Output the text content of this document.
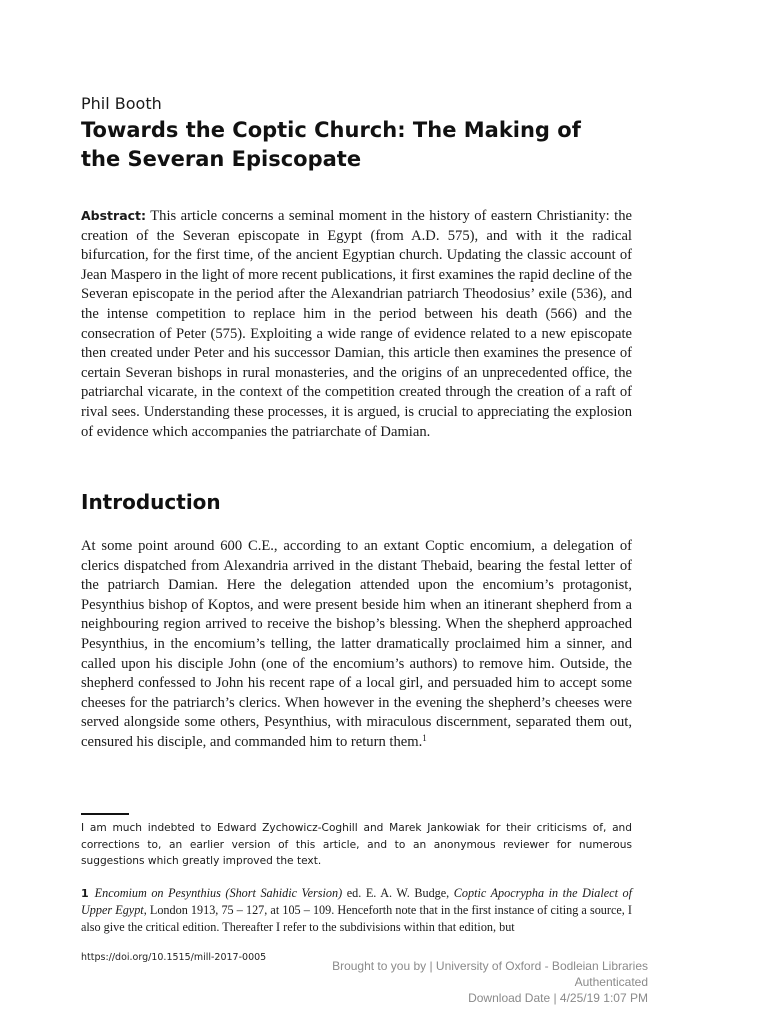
Phil Booth
Towards the Coptic Church: The Making of
the Severan Episcopate
Abstract: This article concerns a seminal moment in the history of eastern Christianity: the creation of the Severan episcopate in Egypt (from A.D. 575), and with it the radical bifurcation, for the first time, of the ancient Egyptian church. Updating the classic account of Jean Maspero in the light of more recent publications, it first examines the rapid decline of the Severan episcopate in the period after the Alexandrian patriarch Theodosius’ exile (536), and the intense competition to replace him in the period between his death (566) and the consecration of Peter (575). Exploiting a wide range of evidence related to a new episcopate then created under Peter and his successor Damian, this article then examines the presence of certain Severan bishops in rural monasteries, and the origins of an unprecedented office, the patriarchal vicarate, in the context of the competition created through the creation of a raft of rival sees. Understanding these processes, it is argued, is crucial to appreciating the explosion of evidence which accompanies the patriarchate of Damian.
Introduction
At some point around 600 C.E., according to an extant Coptic encomium, a delegation of clerics dispatched from Alexandria arrived in the distant Thebaid, bearing the festal letter of the patriarch Damian. Here the delegation attended upon the encomium’s protagonist, Pesynthius bishop of Koptos, and were present beside him when an itinerant shepherd from a neighbouring region arrived to receive the bishop’s blessing. When the shepherd approached Pesynthius, in the encomium’s telling, the latter dramatically proclaimed him a sinner, and called upon his disciple John (one of the encomium’s authors) to remove him. Outside, the shepherd confessed to John his recent rape of a local girl, and persuaded him to accept some cheeses for the patriarch’s clerics. When however in the evening the shepherd’s cheeses were served alongside some others, Pesynthius, with miraculous discernment, separated them out, censured his disciple, and commanded him to return them.$^1$
I am much indebted to Edward Zychowicz-Coghill and Marek Jankowiak for their criticisms of, and corrections to, an earlier version of this article, and to an anonymous reviewer for numerous suggestions which greatly improved the text.
1 Encomium on Pesynthius (Short Sahidic Version) ed. E. A. W. Budge, Coptic Apocrypha in the Dialect of Upper Egypt, London 1913, 75 – 127, at 105 – 109. Henceforth note that in the first instance of citing a source, I also give the critical edition. Thereafter I refer to the subdivisions within that edition, but
https://doi.org/10.1515/mill-2017-0005
Brought to you by | University of Oxford - Bodleian Libraries
Authenticated
Download Date | 4/25/19 1:07 PM
